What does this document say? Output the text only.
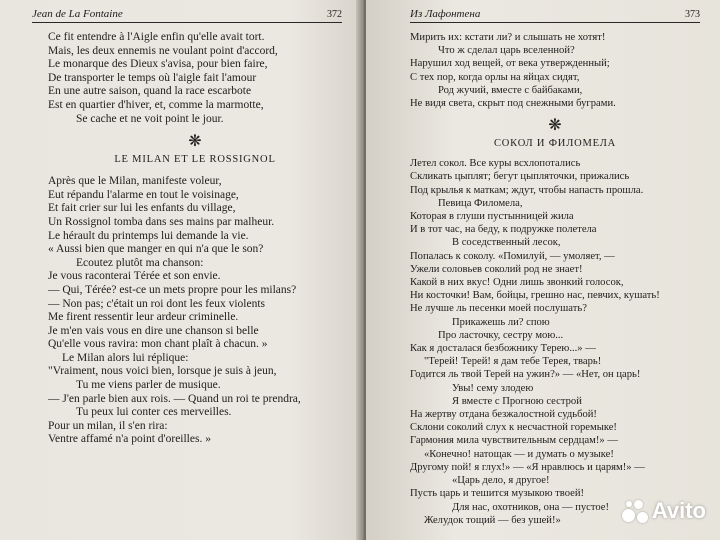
Jean de La Fontaine	372
Ce fit entendre à l'Aigle enfin qu'elle avait tort.
Mais, les deux ennemis ne voulant point d'accord,
Le monarque des Dieux s'avisa, pour bien faire,
De transporter le temps où l'aigle fait l'amour
En une autre saison, quand la race escarbote
Est en quartier d'hiver, et, comme la marmotte,
Se cache et ne voit point le jour.
❋
LE MILAN ET LE ROSSIGNOL
Après que le Milan, manifeste voleur,
Eut répandu l'alarme en tout le voisinage,
Et fait crier sur lui les enfants du village,
Un Rossignol tomba dans ses mains par malheur.
Le hérault du printemps lui demande la vie.
« Aussi bien que manger en qui n'a que le son?
Ecoutez plutôt ma chanson:
Je vous raconterai Térée et son envie.
— Qui, Térée? est-ce un mets propre pour les milans?
— Non pas; c'était un roi dont les feux violents
Me firent ressentir leur ardeur criminelle.
Je m'en vais vous en dire une chanson si belle
Qu'elle vous ravira: mon chant plaît à chacun. »
Le Milan alors lui réplique:
"Vraiment, nous voici bien, lorsque je suis à jeun,
Tu me viens parler de musique.
— J'en parle bien aux rois. — Quand un roi te prendra,
Tu peux lui conter ces merveilles.
Pour un milan, il s'en rira:
Ventre affamé n'a point d'oreilles. »
Из Лафонтена	373
Мирить их: кстати ли? и слышать не хотят!
Что ж сделал царь вселенной?
Нарушил ход вещей, от века утвержденный;
С тех пор, когда орлы на яйцах сидят,
Род жучий, вместе с байбаками,
Не видя света, скрыт под снежными буграми.
❋
СОКОЛ И ФИЛОМЕЛА
Летел сокол. Все куры всхлопотались
Скликать цыплят; бегут цыпляточки, прижались
Под крылья к маткам; ждут, чтобы напасть прошла.
Певица Филомела,
Которая в глуши пустынницей жила
И в тот час, на беду, к подружке полетела
В соседственный лесок,
Попалась к соколу. «Помилуй, — умоляет, —
Ужели соловьев соколий род не знает!
Какой в них вкус! Одни лишь звонкий голосок,
Ни косточки! Вам, бойцы, грешно нас, певчих, кушать!
Не лучше ль песенки моей послушать?
Прикажешь ли? спою
Про ласточку, сестру мою...
Как я досталася безбожнику Терею...» —
"Терей! Терей! я дам тебе Терея, тварь!
Годится ль твой Терей на ужин?» — «Нет, он царь!
Увы! сему злодею
Я вместе с Прогною сестрой
На жертву отдана безжалостной судьбой!
Склони соколий слух к несчастной горемыке!
Гармония мила чувствительным сердцам!» —
«Конечно! натощак — и думать о музыке!
Другому пой! я глух!» — «Я нравлюсь и царям!» —
«Царь дело, я другое!
Пусть царь и тешится музыкою твоей!
Для нас, охотников, она — пустое!
Желудок тощий — без ушей!»	Avito
